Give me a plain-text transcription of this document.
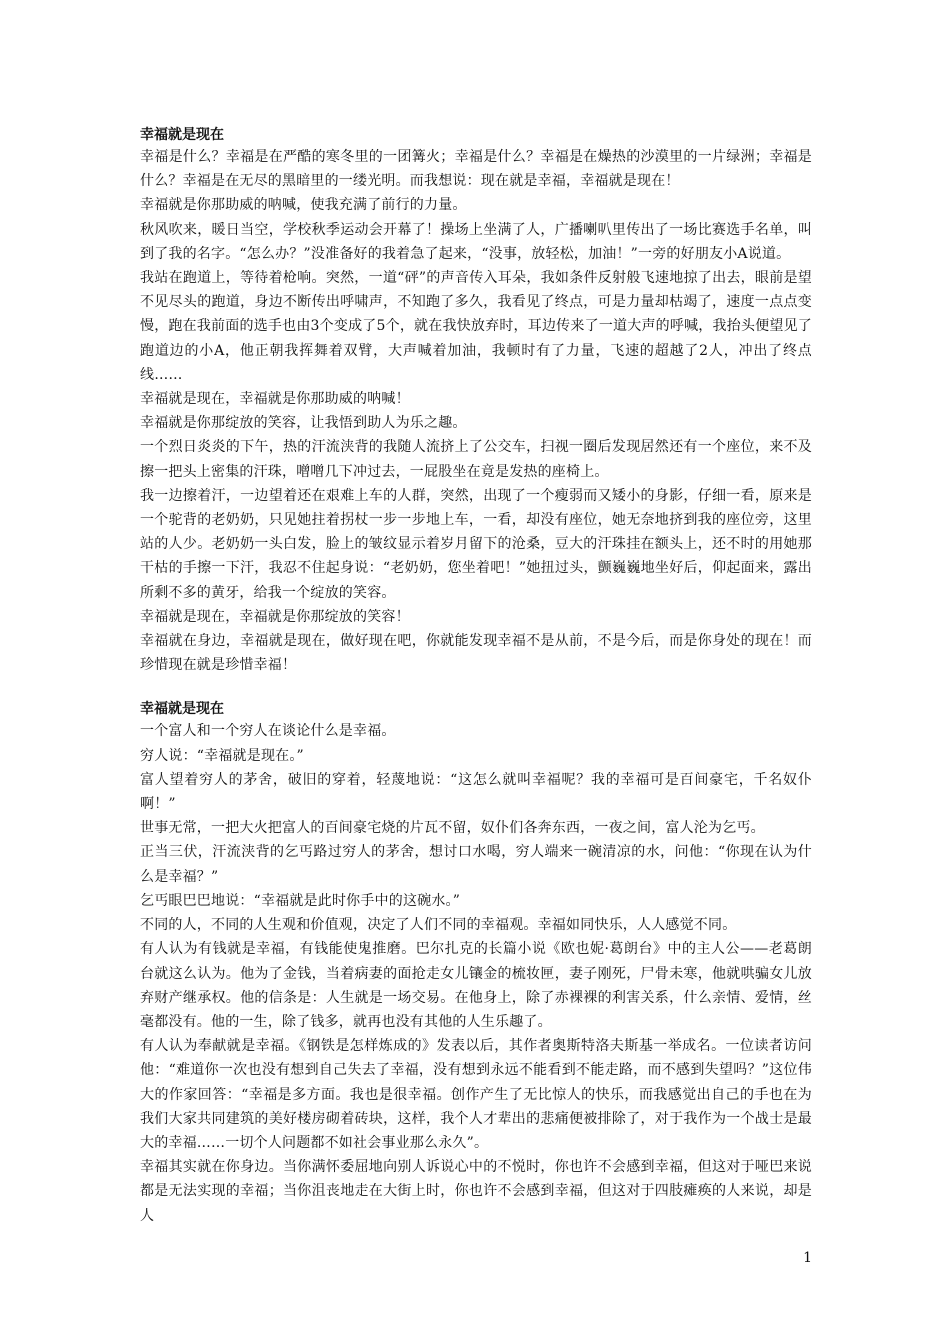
幸福就是现在

幸福是什么？幸福是在严酷的寒冬里的一团篝火；幸福是什么？幸福是在燥热的沙漠里的一片绿洲；幸福是什么？幸福是在无尽的黑暗里的一缕光明。而我想说：现在就是幸福，幸福就是现在！

幸福就是你那助威的呐喊，使我充满了前行的力量。

秋风吹来，暖日当空，学校秋季运动会开幕了！操场上坐满了人，广播喇叭里传出了一场比赛选手名单，叫到了我的名字。“怎么办？”没准备好的我着急了起来，“没事，放轻松，加油！”一旁的好朋友小A说道。

我站在跑道上，等待着枪响。突然，一道“砰”的声音传入耳朵，我如条件反射般飞速地掠了出去，眼前是望不见尽头的跑道，身边不断传出呼啸声，不知跑了多久，我看见了终点，可是力量却枯竭了，速度一点点变慢，跑在我前面的选手也由3个变成了5个，就在我快放弃时，耳边传来了一道大声的呼喊，我抬头便望见了跑道边的小A，他正朝我挥舞着双臂，大声喊着加油，我顿时有了力量，飞速的超越了2人，冲出了终点线……

幸福就是现在，幸福就是你那助威的呐喊！

幸福就是你那绽放的笑容，让我悟到助人为乐之趣。

一个烈日炎炎的下午，热的汗流浃背的我随人流挤上了公交车，扫视一圈后发现居然还有一个座位，来不及擦一把头上密集的汗珠，噌噌几下冲过去，一屁股坐在竟是发热的座椅上。

我一边擦着汗，一边望着还在艰难上车的人群，突然，出现了一个瘦弱而又矮小的身影，仔细一看，原来是一个驼背的老奶奶，只见她拄着拐杖一步一步地上车，一看，却没有座位，她无奈地挤到我的座位旁，这里站的人少。老奶奶一头白发，脸上的皱纹显示着岁月留下的沧桑，豆大的汗珠挂在额头上，还不时的用她那干枯的手擦一下汗，我忍不住起身说：“老奶奶，您坐着吧！”她扭过头，颤巍巍地坐好后，仰起面来，露出所剩不多的黄牙，给我一个绽放的笑容。

幸福就是现在，幸福就是你那绽放的笑容！

幸福就在身边，幸福就是现在，做好现在吧，你就能发现幸福不是从前，不是今后，而是你身处的现在！而珍惜现在就是珍惜幸福！

幸福就是现在

一个富人和一个穷人在谈论什么是幸福。

穷人说：“幸福就是现在。”

富人望着穷人的茅舍，破旧的穿着，轻蔑地说：“这怎么就叫幸福呢？我的幸福可是百间豪宅，千名奴仆啊！”

世事无常，一把大火把富人的百间豪宅烧的片瓦不留，奴仆们各奔东西，一夜之间，富人沦为乞丐。

正当三伏，汗流浃背的乞丐路过穷人的茅舍，想讨口水喝，穷人端来一碗清凉的水，问他：“你现在认为什么是幸福？”

乞丐眼巴巴地说：“幸福就是此时你手中的这碗水。”

不同的人，不同的人生观和价值观，决定了人们不同的幸福观。幸福如同快乐，人人感觉不同。

有人认为有钱就是幸福，有钱能使鬼推磨。巴尔扎克的长篇小说《欧也妮·葛朗台》中的主人公——老葛朗台就这么认为。他为了金钱，当着病妻的面抢走女儿镶金的梳妆匣，妻子刚死，尸骨未寒，他就哄骗女儿放弃财产继承权。他的信条是：人生就是一场交易。在他身上，除了赤裸裸的利害关系，什么亲情、爱情，丝毫都没有。他的一生，除了钱多，就再也没有其他的人生乐趣了。

有人认为奉献就是幸福。《钢铁是怎样炼成的》发表以后，其作者奥斯特洛夫斯基一举成名。一位读者访问他：“难道你一次也没有想到自己失去了幸福，没有想到永远不能看到不能走路，而不感到失望吗？”这位伟大的作家回答：“幸福是多方面。我也是很幸福。创作产生了无比惊人的快乐，而我感觉出自己的手也在为我们大家共同建筑的美好楼房砌着砖块，这样，我个人才辈出的悲痛便被排除了，对于我作为一个战士是最大的幸福……一切个人问题都不如社会事业那么永久”。

幸福其实就在你身边。当你满怀委屈地向别人诉说心中的不悦时，你也许不会感到幸福，但这对于哑巴来说都是无法实现的幸福；当你沮丧地走在大街上时，你也许不会感到幸福，但这对于四肢瘫痪的人来说，却是人

1
